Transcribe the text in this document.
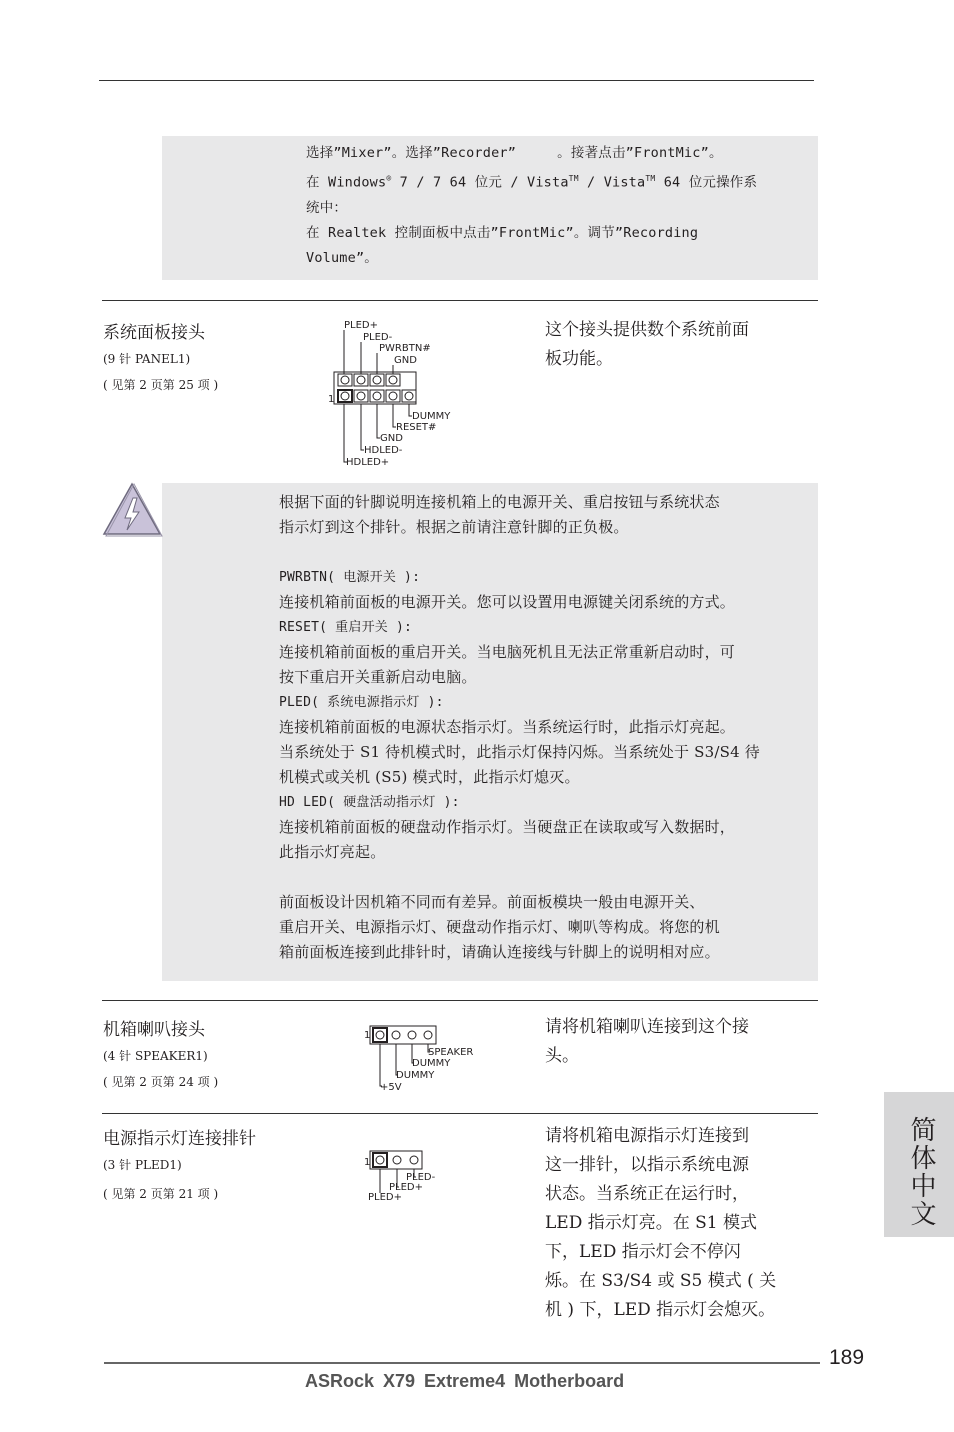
选择”Mixer”。选择”Recorder”　　　。接著点击”FrontMic”。
在 Windows® 7 / 7 64 位元 / Vista™ / Vista™ 64 位元操作系
统中：
在 Realtek 控制面板中点击”FrontMic”。调节”Recording
Volume”。
系统面板接头
(9 针 PANEL1)
( 见第 2 页第 25 项 )
这个接头提供数个系统前面
板功能。
PLED+
PLED-
PWRBTN#
GND
1
DUMMY
RESET#
GND
HDLED-
HDLED+
根据下面的针脚说明连接机箱上的电源开关、重启按钮与系统状态
指示灯到这个排针。根据之前请注意针脚的正负极。
PWRBTN( 电源开关 ):
连接机箱前面板的电源开关。您可以设置用电源键关闭系统的方式。
RESET( 重启开关 ):
连接机箱前面板的重启开关。当电脑死机且无法正常重新启动时，可
按下重启开关重新启动电脑。
PLED( 系统电源指示灯 ):
连接机箱前面板的电源状态指示灯。当系统运行时，此指示灯亮起。
当系统处于 S1 待机模式时，此指示灯保持闪烁。当系统处于 S3/S4 待
机模式或关机 (S5) 模式时，此指示灯熄灭。
HD LED( 硬盘活动指示灯 ):
连接机箱前面板的硬盘动作指示灯。当硬盘正在读取或写入数据时，
此指示灯亮起。
前面板设计因机箱不同而有差异。前面板模块一般由电源开关、
重启开关、电源指示灯、硬盘动作指示灯、喇叭等构成。将您的机
箱前面板连接到此排针时，请确认连接线与针脚上的说明相对应。
机箱喇叭接头
(4 针 SPEAKER1)
( 见第 2 页第 24 项 )
请将机箱喇叭连接到这个接
头。
1
SPEAKER
DUMMY
DUMMY
+5V
电源指示灯连接排针
(3 针 PLED1)
( 见第 2 页第 21 项 )
请将机箱电源指示灯连接到
这一排针，以指示系统电源
状态。当系统正在运行时，
LED 指示灯亮。在 S1 模式
下，LED 指示灯会不停闪
烁。在 S3/S4 或 S5 模式 ( 关
机 ) 下，LED 指示灯会熄灭。
1
PLED-
PLED+
PLED+	简体中文
189
ASRock X79 Extreme4 Motherboard
